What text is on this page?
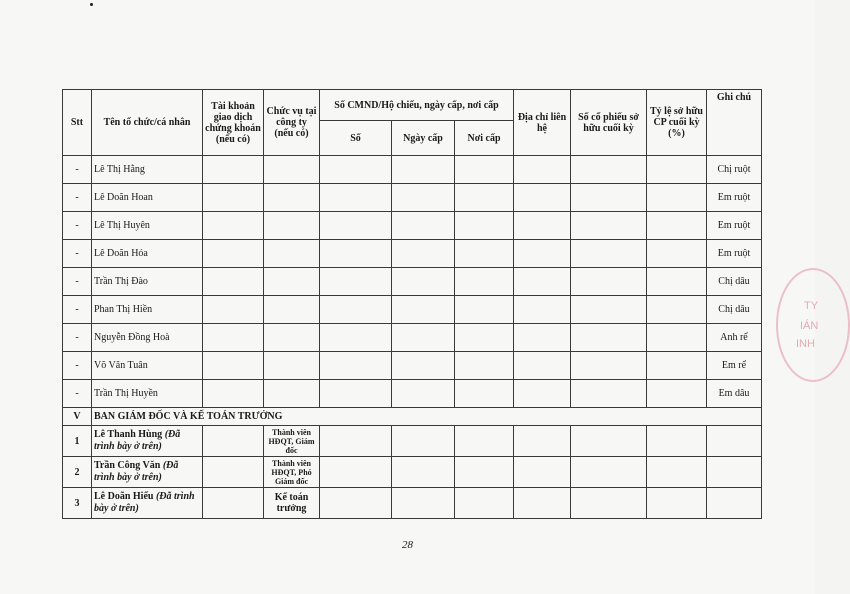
Stt	Tên tổ chức/cá nhân	Tài khoản giao dịch chứng khoán (nếu có)	Chức vụ tại công ty (nếu có)	Số CMND/Hộ chiếu, ngày cấp, nơi cấp			Địa chỉ liên hệ	Số cổ phiếu sở hữu cuối kỳ	Tỷ lệ sở hữu CP cuối kỳ (%)	Ghi chú
				Số	Ngày cấp	Nơi cấp				
-	Lê Thị Hằng									Chị ruột
-	Lê Doãn Hoan									Em ruột
-	Lê Thị Huyên									Em ruột
-	Lê Doãn Hóa									Em ruột
-	Trần Thị Đào									Chị dâu
-	Phan Thị Hiền									Chị dâu
-	Nguyễn Đồng Hoà									Anh rể
-	Võ Văn Tuân									Em rể
-	Trần Thị Huyền									Em dâu
V	BAN GIÁM ĐỐC VÀ KẾ TOÁN TRƯỞNG									
1	Lê Thanh Hùng (Đã trình bày ở trên)		Thành viên HĐQT, Giám đốc							
2	Trần Công Văn (Đã trình bày ở trên)		Thành viên HĐQT, Phó Giám đốc							
3	Lê Doãn Hiếu (Đã trình bày ở trên)		Kế toán trưởng							
TY
IÁN
INH
28
